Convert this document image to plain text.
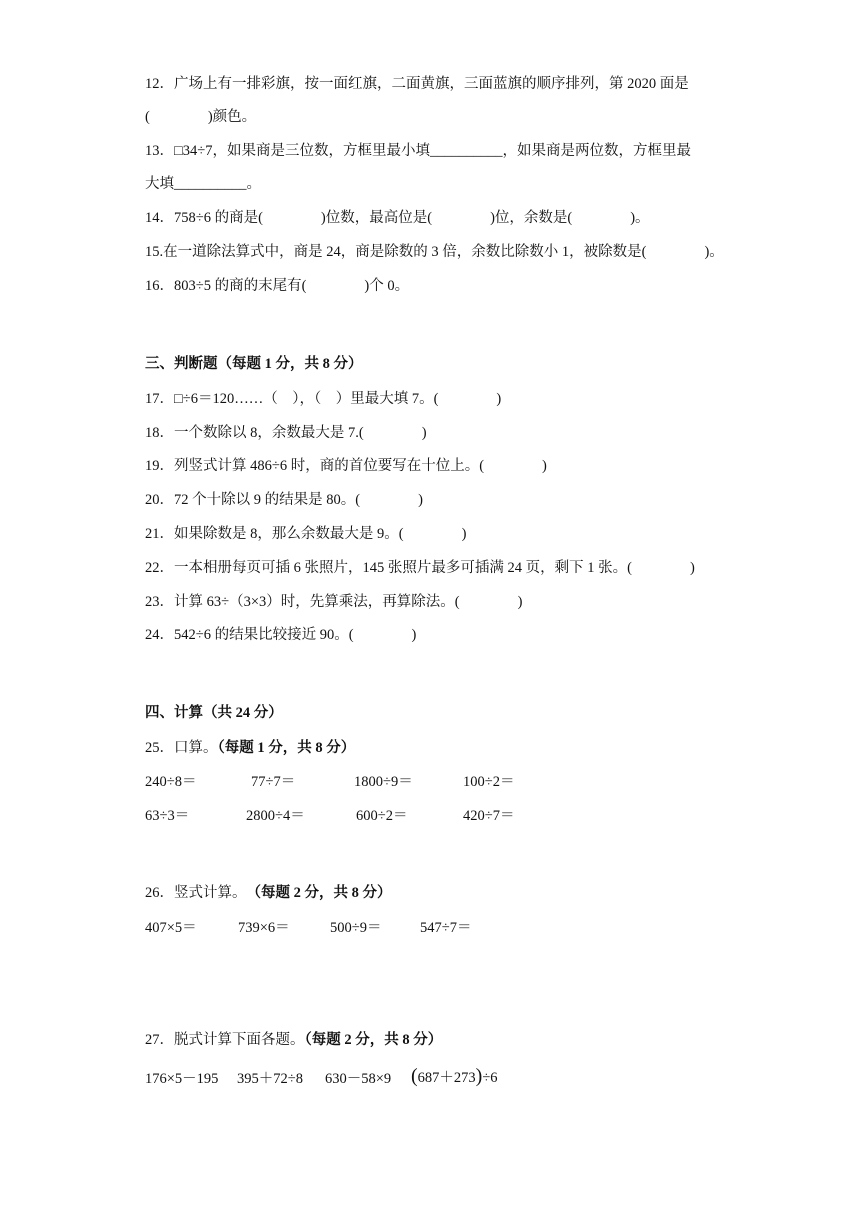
12．广场上有一排彩旗，按一面红旗，二面黄旗，三面蓝旗的顺序排列，第 2020 面是
(　　　　)颜色。
13．□34÷7，如果商是三位数，方框里最小填__________，如果商是两位数，方框里最
大填__________。
14．758÷6 的商是(　　　　)位数，最高位是(　　　　)位，余数是(　　　　)。
15.在一道除法算式中，商是 24，商是除数的 3 倍，余数比除数小 1，被除数是(　　　　)。
16．803÷5 的商的末尾有(　　　　)个 0。
三、判断题（每题 1 分，共 8 分）
17．□÷6＝120……（　），（　）里最大填 7。(　　　　)
18．一个数除以 8，余数最大是 7.(　　　　)
19．列竖式计算 486÷6 时，商的首位要写在十位上。(　　　　)
20．72 个十除以 9 的结果是 80。(　　　　)
21．如果除数是 8，那么余数最大是 9。(　　　　)
22．一本相册每页可插 6 张照片，145 张照片最多可插满 24 页，剩下 1 张。(　　　　)
23．计算 63÷（3×3）时，先算乘法，再算除法。(　　　　)
24．542÷6 的结果比较接近 90。(　　　　)
四、计算（共 24 分）
25．口算。（每题 1 分，共 8 分）
240÷8＝	77÷7＝	1800÷9＝	100÷2＝
63÷3＝	2800÷4＝	600÷2＝	420÷7＝
26．竖式计算。　（每题 2 分，共 8 分）
407×5＝	739×6＝	500÷9＝	547÷7＝
27．脱式计算下面各题。（每题 2 分，共 8 分）
176×5－195 395＋72÷8 630－58×9 (687＋273)÷6
